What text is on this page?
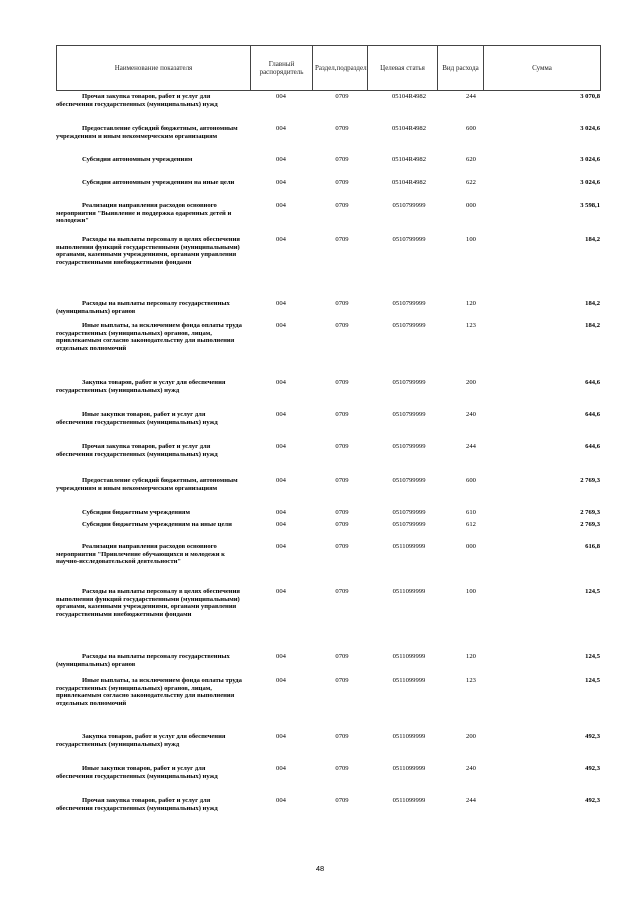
Наименование показателя	Главный распорядитель	Раздел,подраздел	Целевая статья	Вид расхода	Сумма
Прочая закупка товаров, работ и услуг для обеспечения государственных (муниципальных) нужд
004	0709	05104R4982	244	3 070,8
Предоставление субсидий бюджетным, автономным учреждениям и иным некоммерческим организациям
004	0709	05104R4982	600	3 024,6
Субсидии автономным учреждениям	004	0709	05104R4982	620	3 024,6
Субсидии автономным учреждениям на иные цели	004	0709	05104R4982	622	3 024,6
Реализация направления расходов основного мероприятия "Выявление и поддержка одаренных детей и молодежи"
004	0709	0510799999	000	3 598,1
Расходы на выплаты персоналу в целях обеспечения выполнения функций государственными (муниципальными) органами, казенными учреждениями, органами управления государственными внебюджетными фондами
004	0709	0510799999	100	184,2
Расходы на выплаты персоналу государственных (муниципальных) органов
004	0709	0510799999	120	184,2
Иные выплаты, за исключением фонда оплаты труда государственных (муниципальных) органов, лицам, привлекаемым согласно законодательству для выполнения отдельных полномочий
004	0709	0510799999	123	184,2
Закупка товаров, работ и услуг для обеспечения государственных (муниципальных) нужд
004	0709	0510799999	200	644,6
Иные закупки товаров, работ и услуг для обеспечения государственных (муниципальных) нужд
004	0709	0510799999	240	644,6
Прочая закупка товаров, работ и услуг для обеспечения государственных (муниципальных) нужд
004	0709	0510799999	244	644,6
Предоставление субсидий бюджетным, автономным учреждениям и иным некоммерческим организациям
004	0709	0510799999	600	2 769,3
Субсидии бюджетным учреждениям	004	0709	0510799999	610	2 769,3
Субсидии бюджетным учреждениям на иные цели	004	0709	0510799999	612	2 769,3
Реализация направления расходов основного мероприятия "Привлечение обучающихся и молодежи к научно-исследовательской деятельности"
004	0709	0511099999	000	616,8
Расходы на выплаты персоналу в целях обеспечения выполнения функций государственными (муниципальными) органами, казенными учреждениями, органами управления государственными внебюджетными фондами
004	0709	0511099999	100	124,5
Расходы на выплаты персоналу государственных (муниципальных) органов
004	0709	0511099999	120	124,5
Иные выплаты, за исключением фонда оплаты труда государственных (муниципальных) органов, лицам, привлекаемым согласно законодательству для выполнения отдельных полномочий
004	0709	0511099999	123	124,5
Закупка товаров, работ и услуг для обеспечения государственных (муниципальных) нужд
004	0709	0511099999	200	492,3
Иные закупки товаров, работ и услуг для обеспечения государственных (муниципальных) нужд
004	0709	0511099999	240	492,3
Прочая закупка товаров, работ и услуг для обеспечения государственных (муниципальных) нужд
004	0709	0511099999	244	492,3
48
